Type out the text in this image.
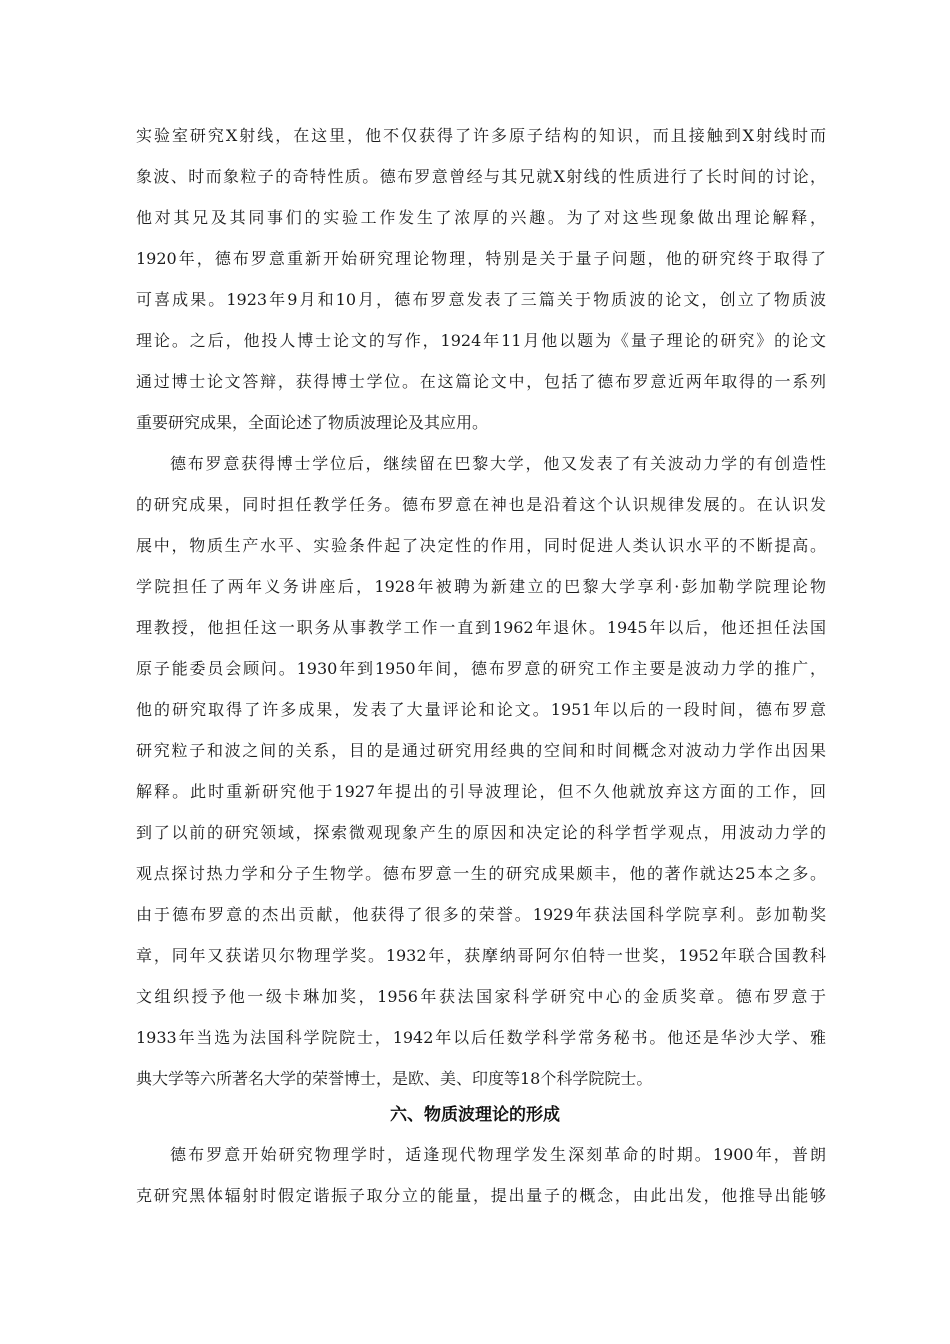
实验室研究X射线，在这里，他不仅获得了许多原子结构的知识，而且接触到X射线时而
象波、时而象粒子的奇特性质。德布罗意曾经与其兄就X射线的性质进行了长时间的讨论，
他对其兄及其同事们的实验工作发生了浓厚的兴趣。为了对这些现象做出理论解释，
1920年，德布罗意重新开始研究理论物理，特别是关于量子问题，他的研究终于取得了
可喜成果。1923年9月和10月，德布罗意发表了三篇关于物质波的论文，创立了物质波
理论。之后，他投人博士论文的写作，1924年11月他以题为《量子理论的研究》的论文
通过博士论文答辩，获得博士学位。在这篇论文中，包括了德布罗意近两年取得的一系列
重要研究成果，全面论述了物质波理论及其应用。
德布罗意获得博士学位后，继续留在巴黎大学，他又发表了有关波动力学的有创造性
的研究成果，同时担任教学任务。德布罗意在神也是沿着这个认识规律发展的。在认识发
展中，物质生产水平、实验条件起了决定性的作用，同时促进人类认识水平的不断提高。
学院担任了两年义务讲座后，1928年被聘为新建立的巴黎大学享利·彭加勒学院理论物
理教授，他担任这一职务从事教学工作一直到1962年退休。1945年以后，他还担任法国
原子能委员会顾问。1930年到1950年间，德布罗意的研究工作主要是波动力学的推广，
他的研究取得了许多成果，发表了大量评论和论文。1951年以后的一段时间，德布罗意
研究粒子和波之间的关系，目的是通过研究用经典的空间和时间概念对波动力学作出因果
解释。此时重新研究他于1927年提出的引导波理论，但不久他就放弃这方面的工作，回
到了以前的研究领域，探索微观现象产生的原因和决定论的科学哲学观点，用波动力学的
观点探讨热力学和分子生物学。德布罗意一生的研究成果颇丰，他的著作就达25本之多。
由于德布罗意的杰出贡献，他获得了很多的荣誉。1929年获法国科学院享利。彭加勒奖
章，同年又获诺贝尔物理学奖。1932年，获摩纳哥阿尔伯特一世奖，1952年联合国教科
文组织授予他一级卡琳加奖，1956年获法国家科学研究中心的金质奖章。德布罗意于
1933年当选为法国科学院院士，1942年以后任数学科学常务秘书。他还是华沙大学、雅
典大学等六所著名大学的荣誉博士，是欧、美、印度等18个科学院院士。
六、物质波理论的形成
德布罗意开始研究物理学时，适逢现代物理学发生深刻革命的时期。1900年，普朗
克研究黑体辐射时假定谐振子取分立的能量，提出量子的概念，由此出发，他推导出能够
